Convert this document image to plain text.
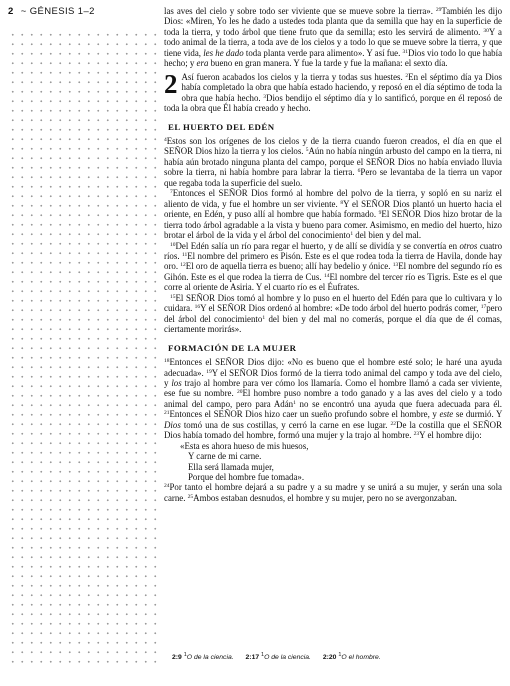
2 ~ GÉNESIS 1–2	las aves del cielo y sobre todo ser viviente que se mueve sobre la tierra». $^{29}$También les dijo Dios: «Miren, Yo les he dado a ustedes toda planta que da semilla que hay en la superficie de toda la tierra, y todo árbol que tiene fruto que da semilla; esto les servirá de alimento. $^{30}$Y a todo animal de la tierra, a toda ave de los cielos y a todo lo que se mueve sobre la tierra, y que tiene vida, les he dado toda planta verde para alimento». Y así fue. $^{31}$Dios vio todo lo que había hecho; y era bueno en gran manera. Y fue la tarde y fue la mañana: el sexto día.

2 Así fueron acabados los cielos y la tierra y todas sus huestes. $^2$En el séptimo día ya Dios había completado la obra que había estado haciendo, y reposó en el día séptimo de toda la obra que había hecho. $^3$Dios bendijo el séptimo día y lo santificó, porque en él reposó de toda la obra que Él había creado y hecho.

EL HUERTO DEL EDÉN

$^4$Estos son los orígenes de los cielos y de la tierra cuando fueron creados, el día en que el SEÑOR Dios hizo la tierra y los cielos. $^5$Aún no había ningún arbusto del campo en la tierra, ni había aún brotado ninguna planta del campo, porque el SEÑOR Dios no había enviado lluvia sobre la tierra, ni había hombre para labrar la tierra. $^6$Pero se levantaba de la tierra un vapor que regaba toda la superficie del suelo.

$^7$Entonces el SEÑOR Dios formó al hombre del polvo de la tierra, y sopló en su nariz el aliento de vida, y fue el hombre un ser viviente. $^8$Y el SEÑOR Dios plantó un huerto hacia el oriente, en Edén, y puso allí al hombre que había formado. $^9$El SEÑOR Dios hizo brotar de la tierra todo árbol agradable a la vista y bueno para comer. Asimismo, en medio del huerto, hizo brotar el árbol de la vida y el árbol del conocimiento$^1$ del bien y del mal.

$^{10}$Del Edén salía un río para regar el huerto, y de allí se dividía y se convertía en otros cuatro ríos. $^{11}$El nombre del primero es Pisón. Este es el que rodea toda la tierra de Havila, donde hay oro. $^{12}$El oro de aquella tierra es bueno; allí hay bedelio y ónice. $^{13}$El nombre del segundo río es Gihón. Este es el que rodea la tierra de Cus. $^{14}$El nombre del tercer río es Tigris. Este es el que corre al oriente de Asiria. Y el cuarto río es el Éufrates.

$^{15}$El SEÑOR Dios tomó al hombre y lo puso en el huerto del Edén para que lo cultivara y lo cuidara. $^{16}$Y el SEÑOR Dios ordenó al hombre: «De todo árbol del huerto podrás comer, $^{17}$pero del árbol del conocimiento$^1$ del bien y del mal no comerás, porque el día que de él comas, ciertamente morirás».

FORMACIÓN DE LA MUJER

$^{18}$Entonces el SEÑOR Dios dijo: «No es bueno que el hombre esté solo; le haré una ayuda adecuada». $^{19}$Y el SEÑOR Dios formó de la tierra todo animal del campo y toda ave del cielo, y los trajo al hombre para ver cómo los llamaría. Como el hombre llamó a cada ser viviente, ese fue su nombre. $^{20}$El hombre puso nombre a todo ganado y a las aves del cielo y a todo animal del campo, pero para Adán$^1$ no se encontró una ayuda que fuera adecuada para él. $^{21}$Entonces el SEÑOR Dios hizo caer un sueño profundo sobre el hombre, y este se durmió. Y Dios tomó una de sus costillas, y cerró la carne en ese lugar. $^{22}$De la costilla que el SEÑOR Dios había tomado del hombre, formó una mujer y la trajo al hombre. $^{23}$Y el hombre dijo:

«Esta es ahora hueso de mis huesos,
Y carne de mi carne.
Ella será llamada mujer,
Porque del hombre fue tomada».

$^{24}$Por tanto el hombre dejará a su padre y a su madre y se unirá a su mujer, y serán una sola carne. $^{25}$Ambos estaban desnudos, el hombre y su mujer, pero no se avergonzaban.

2:9 $^1$O de la ciencia. 2:17 $^1$O de la ciencia. 2:20 $^1$O el hombre.
